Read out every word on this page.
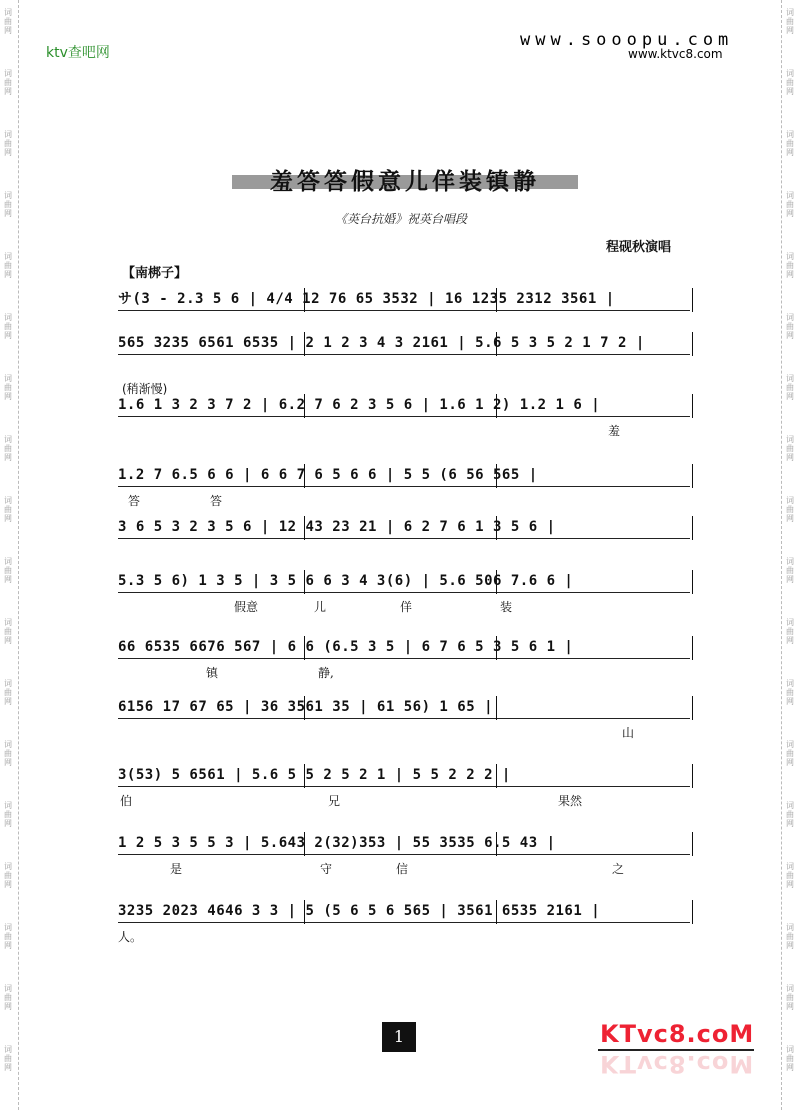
词
曲
网
词
曲
网
词
曲
网
词
曲
网
词
曲
网
词
曲
网
词
曲
网
词
曲
网
词
曲
网
词
曲
网
词
曲
网
词
曲
网
词
曲
网
词
曲
网
词
曲
网
词
曲
网
词
曲
网
词
曲
网
词
曲
网
词
曲
网
词
曲
网
词
曲
网
词
曲
网
词
曲
网
词
曲
网
词
曲
网
词
曲
网
词
曲
网
词
曲
网
词
曲
网
词
曲
网
词
曲
网
词
曲
网
词
曲
网
词
曲
网
词
曲
网
ktv查吧网
www.sooopu.com
www.ktvc8.com
羞答答假意儿佯装镇静
《英台抗婚》祝英台唱段
程砚秋演唱
【南梆子】
(稍渐慢)
サ(3 - 2.3 5 6 | 4/4 12 76 65 3532 | 16 1235 2312 3561 |
565 3235 6561 6535 | 2 1 2 3 4 3 2161 | 5.6 5 3 5 2 1 7 2 |
1.6 1 3 2 3 7 2 | 6.2 7 6 2 3 5 6 | 1.6 1 2) 1.2 1 6 |
羞
1.2 7 6.5 6 6 | 6 6 7 6 5 6 6 | 5 5 (6 56 565 |
答	答
3 6 5 3 2 3 5 6 | 12 43 23 21 | 6 2 7 6 1 3 5 6 |
5.3 5 6) 1 3 5 | 3 5 6 6 3 4 3(6) | 5.6 506 7.6 6 |
假意	儿	佯	装
66 6535 6676 567 | 6 6 (6.5 3 5 | 6 7 6 5 3 5 6 1 |
镇	静,
6156 17 67 65 | 36 3561 35 | 61 56) 1 65 |
山
3(53) 5 6561 | 5.6 5 5 2 5 2 1 | 5 5 2 2 2 |
伯	兄	果然
1 2 5 3 5 5 3 | 5.643 2(32)353 | 55 3535 6.5 43 |
是	守	信	之
3235 2023 4646 3 3 | 5 (5 6 5 6 565 | 3561 6535 2161 |
人。
1	KTvc8.coM
KTvc8.coM
